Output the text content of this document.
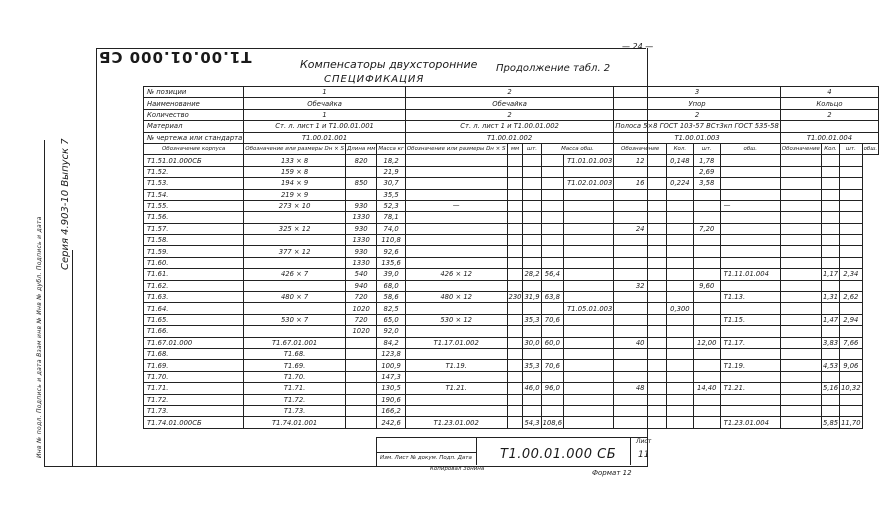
Т1.00.01.000 СБ	Компенсаторы двухсторонние Продолжение табл. 2
— 24 —
СПЕЦИФИКАЦИЯ
Серия 4.903-10 Выпуск 7
Инв № подл. Подпись и дата Взам инв № Инв № дубл. Подпись и дата
№ позиции	1			2					3				4			
Наименование	Обечайка			Обечайка					Упор				Кольцо			
Количество	1			2					2				2			
Материал	Ст. л. лист 1 и Т1.00.01.001			Ст. л. лист 1 и Т1.00.01.002					Полоса 5×8 ГОСТ 103-57 ВСт3кп ГОСТ 535-58							
№ чертежа или стандарта	Т1.00.01.001			Т1.00.01.002					Т1.00.01.003				Т1.00.01.004			
Обозначение корпуса	Обозначение или размеры Dн × S	Длина мм	Масса кг	Обозначение или размеры Dн × S	мм	шт.	Масса обш.		Обозначение	Кол.	шт.	обш.	Обозначение	Кол.	шт.	обш.
Т1.51.01.000СБ	133 × 8	820	18,2					Т1.01.01.003	12	0,148	1,78					
Т1.52.	159 × 8		21,9								2,69					
Т1.53.	194 × 9	850	30,7					Т1.02.01.003	16	0,224	3,58					
Т1.54.	219 × 9		35,5													
Т1.55.	273 × 10	930	52,3	—								—				
Т1.56.		1330	78,1													
Т1.57.	325 × 12	930	74,0						24		7,20					
Т1.58.		1330	110,8													
Т1.59.	377 × 12	930	92,6													
Т1.60.		1330	135,6													
Т1.61.	426 × 7	540	39,0	426 × 12		28,2	56,4					Т1.11.01.004		1,17	2,34	
Т1.62.		940	68,0						32		9,60					
Т1.63.	480 × 7	720	58,6	480 × 12	230	31,9	63,8					Т1.13.		1,31	2,62	
Т1.64.		1020	82,5					Т1.05.01.003		0,300						
Т1.65.	530 × 7	720	65,0	530 × 12		35,3	70,6					Т1.15.		1,47	2,94	
Т1.66.		1020	92,0													
Т1.67.01.000	Т1.67.01.001		84,2	Т1.17.01.002		30,0	60,0		40		12,00	Т1.17.		3,83	7,66	
Т1.68.	Т1.68.		123,8													
Т1.69.	Т1.69.		100,9	Т1.19.		35,3	70,6					Т1.19.		4,53	9,06	
Т1.70.	Т1.70.		147,3													
Т1.71.	Т1.71.		130,5	Т1.21.		46,0	96,0		48		14,40	Т1.21.		5,16	10,32	
Т1.72.	Т1.72.		190,6													
Т1.73.	Т1.73.		166,2													
Т1.74.01.000СБ	Т1.74.01.001		242,6	Т1.23.01.002		54,3	108,6					Т1.23.01.004		5,85	11,70	
Т1.00.01.000 СБ
Изм. Лист № докум. Подп. Дата
Лист
11
Копировал Зонина	Формат 12
